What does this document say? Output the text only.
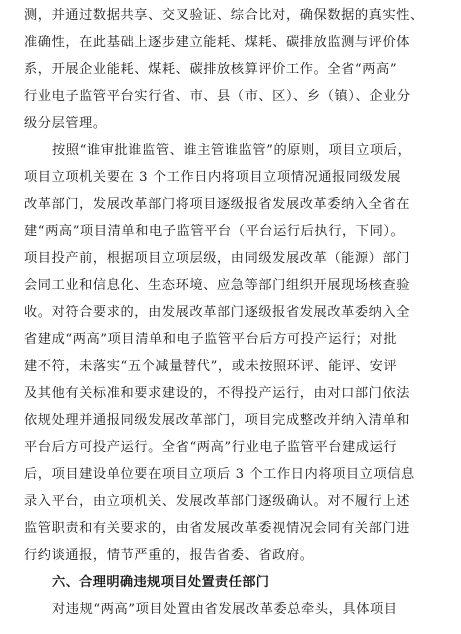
测，并通过数据共享、交叉验证、综合比对，确保数据的真实性、
准确性，在此基础上逐步建立能耗、煤耗、碳排放监测与评价体
系，开展企业能耗、煤耗、碳排放核算评价工作。全省“两高”
行业电子监管平台实行省、市、县（市、区）、乡（镇）、企业分
级分层管理。
按照“谁审批谁监管、谁主管谁监管”的原则，项目立项后，
项目立项机关要在 3 个工作日内将项目立项情况通报同级发展
改革部门，发展改革部门将项目逐级报省发展改革委纳入全省在
建“两高”项目清单和电子监管平台（平台运行后执行，下同）。
项目投产前，根据项目立项层级，由同级发展改革（能源）部门
会同工业和信息化、生态环境、应急等部门组织开展现场核查验
收。对符合要求的，由发展改革部门逐级报省发展改革委纳入全
省建成“两高”项目清单和电子监管平台后方可投产运行；对批
建不符，未落实“五个减量替代”，或未按照环评、能评、安评
及其他有关标准和要求建设的，不得投产运行，由对口部门依法
依规处理并通报同级发展改革部门，项目完成整改并纳入清单和
平台后方可投产运行。全省“两高”行业电子监管平台建成运行
后，项目建设单位要在项目立项后 3 个工作日内将项目立项信息
录入平台，由立项机关、发展改革部门逐级确认。对不履行上述
监管职责和有关要求的，由省发展改革委视情况会同有关部门进
行约谈通报，情节严重的，报告省委、省政府。
六、合理明确违规项目处置责任部门
对违规“两高”项目处置由省发展改革委总牵头，具体项目
